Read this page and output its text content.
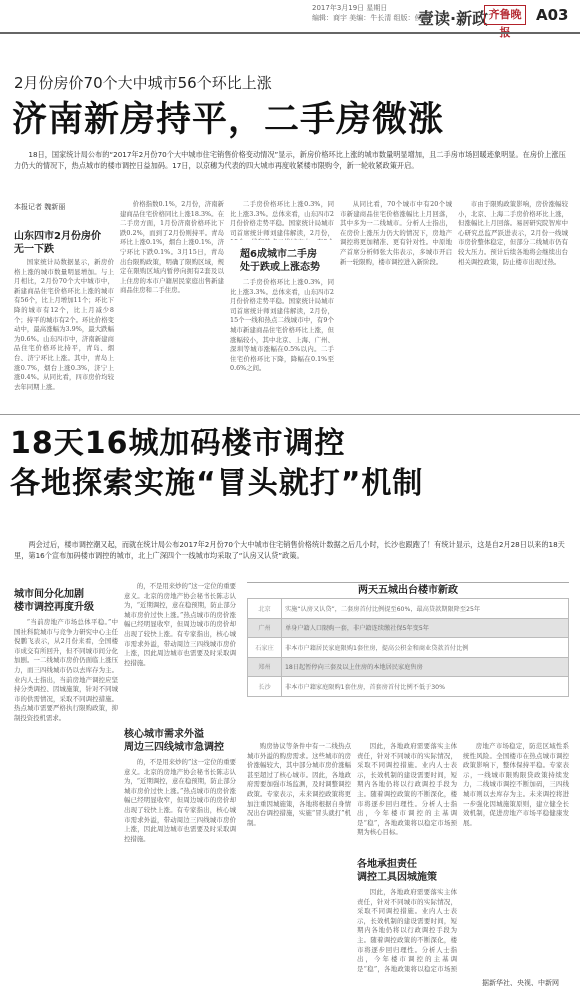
2017年3月19日 星期日
编辑：商宇 美编：牛长清 组版：侯震
壹读·新政 齐鲁晚报
A03
2月份房价70个大中城市56个环比上涨
济南新房持平，二手房微涨
18日，国家统计局公布的“2017年2月份70个大中城市住宅销售价格变动情况”显示，新房价格环比上涨的城市数量明显增加，且二手房市场回暖迹象明显。在房价上涨压力仍大的情况下，热点城市的楼市调控日益加码。17日，以京穗为代表的四大城市再度收紧楼市限购令，新一轮收紧政策开启。
本报记者 魏新丽
山东四市2月份房价
无一下跌

国家统计局数据显示，新房价格上涨的城市数量明显增加。与上月相比，2月份70个大中城市中，新建商品住宅价格环比上涨的城市有56个，比上月增加11个；环比下降的城市有12个，比上月减少8个；持平的城市有2个。环比价格变动中，最高涨幅为3.9%，最大跌幅为0.6%。山东四市中，济南新建商品住宅价格环比持平，青岛、烟台、济宁环比上涨。其中，青岛上涨0.7%，烟台上涨0.3%，济宁上涨0.4%。从同比看，四市房价均较去年同期上涨。

价格指数0.1%，2月份，济南新建商品住宅价格同比上涨18.3%。在二手房方面，1月份济南价格环比下跌0.2%，而到了2月份则持平。青岛环比上涨0.1%，烟台上涨0.1%，济宁环比下跌0.1%。3月15日，青岛出台限购政策，明确了限购区域，规定在限购区域内暂停向拥有2套及以上住房的本市户籍居民家庭出售新建商品住房和二手住房。

二手房价格环比上涨0.3%，同比上涨3.3%。总体来看，山东四市2月份价格走势平稳。国家统计局城市司首席统计师刘建伟解读，2月份，

超6成城市二手房
处于跌或上涨态势

二手房价格环比上涨0.3%，同比上涨3.3%。总体来看，山东四市2月份价格走势平稳。国家统计局城市司首席统计师刘建伟解读，2月份，15个一线和热点二线城市中，有9个城市新建商品住宅价格环比上涨，但涨幅较小，其中北京、上海、广州、深圳等城市涨幅在0.5%以内。二手住宅价格环比下降，降幅在0.1%至0.6%之间。

从同比看，70个城市中有20个城市新建商品住宅价格涨幅比上月回落，其中多为一二线城市。分析人士指出，在房价上涨压力仍大的情况下，房地产调控将更加精准、更有针对性。中原地产首席分析师张大伟表示，多城市开启新一轮限购，楼市调控进入新阶段。

市由于限购政策影响，房价涨幅较小，北京、上海二手房价格环比上涨，但涨幅比上月回落。易居研究院智库中心研究总监严跃进表示，2月份一线城市房价整体稳定，但部分二线城市仍有较大压力。预计后续各地将会继续出台相关调控政策，防止楼市出现过热。

18天16城加码楼市调控
各地探索实施“冒头就打”机制
两会过后，楼市调控潮又起，而就在统计局公布2017年2月份70个大中城市住宅销售价格统计数据之后几小时，长沙也跟跑了！有统计显示，这是自2月28日以来的18天里，第16个宣布加码楼市调控的城市，北上广深四个一线城市均采取了“认房又认贷”政策。
城市间分化加剧
楼市调控再度升级

“当前房地产市场总体平稳。”中国社科院城市与竞争力研究中心主任倪鹏飞表示，从2月份来看，全国楼市成交有所回升，但不同城市间分化加剧。一二线城市房价仍面临上涨压力，而三四线城市仍以去库存为主。业内人士指出，当前房地产调控应坚持分类调控、因城施策，针对不同城市的供需情况，采取不同调控措施。热点城市需要严格执行限购政策，抑制投资投机需求。

的，不是用来炒的”这一定位的重要意义。北京的房地产协会秘书长陈志认为，“近期调控，意在稳预期，防止部分城市房价过快上涨。”热点城市的房价涨幅已经明显收窄，但周边城市的房价却出现了较快上涨。有专家指出，核心城市需求外溢，带动周边三四线城市房价上涨，因此周边城市也需要及时采取调控措施。

核心城市需求外溢
周边三四线城市急调控

的，不是用来炒的”这一定位的重要意义。北京的房地产协会秘书长陈志认为，“近期调控，意在稳预期，防止部分城市房价过快上涨。”热点城市的房价涨幅已经明显收窄，但周边城市的房价却出现了较快上涨。有专家指出，核心城市需求外溢，带动周边三四线城市房价上涨，因此周边城市也需要及时采取调控措施。

两天五城出台楼市新政
北京	实施“认房又认贷”，二套房首付比例提至60%，最高贷款期限降至25年
广州	单身户籍人口限购一套，非户籍连续缴社保5年变5年
石家庄	非本市户籍居民家庭限购1套住房，提高公积金和商业贷款首付比例
郑州	18日起暂停向三套及以上住房的本地居民家庭售房
长沙	非本市户籍家庭限购1套住房，首套房首付比例不低于30%

购房协议等条件中有一二线热点城市外溢的购房需求。这些城市的房价涨幅较大，其中部分城市房价涨幅甚至超过了核心城市。因此，各地政府需要加强市场监测，及时调整调控政策。专家表示，未来调控政策将更加注重因城施策，各地将根据自身情况出台调控措施，实施“冒头就打”机制。

因此，各地政府需要落实主体责任，针对不同城市的实际情况，采取不同调控措施。业内人士表示，长效机制的建设需要时间，短期内各地仍将以行政调控手段为主。随着调控政策的不断深化，楼市将逐步回归理性。分析人士指出，今年楼市调控的主基调是“稳”，各地政策将以稳定市场预期为核心目标。

各地承担责任
调控工具因城施策

因此，各地政府需要落实主体责任，针对不同城市的实际情况，采取不同调控措施。业内人士表示，长效机制的建设需要时间，短期内各地仍将以行政调控手段为主。随着调控政策的不断深化，楼市将逐步回归理性。分析人士指出，今年楼市调控的主基调是“稳”，各地政策将以稳定市场预

房地产市场稳定，防范区域性系统性风险。全国楼市在热点城市调控政策影响下，整体保持平稳。专家表示，一线城市限购限贷政策持续发力，二线城市调控不断加码，三四线城市则以去库存为主。未来调控将进一步强化因城施策原则，建立健全长效机制，促进房地产市场平稳健康发展。

据新华社、央视、中新网
